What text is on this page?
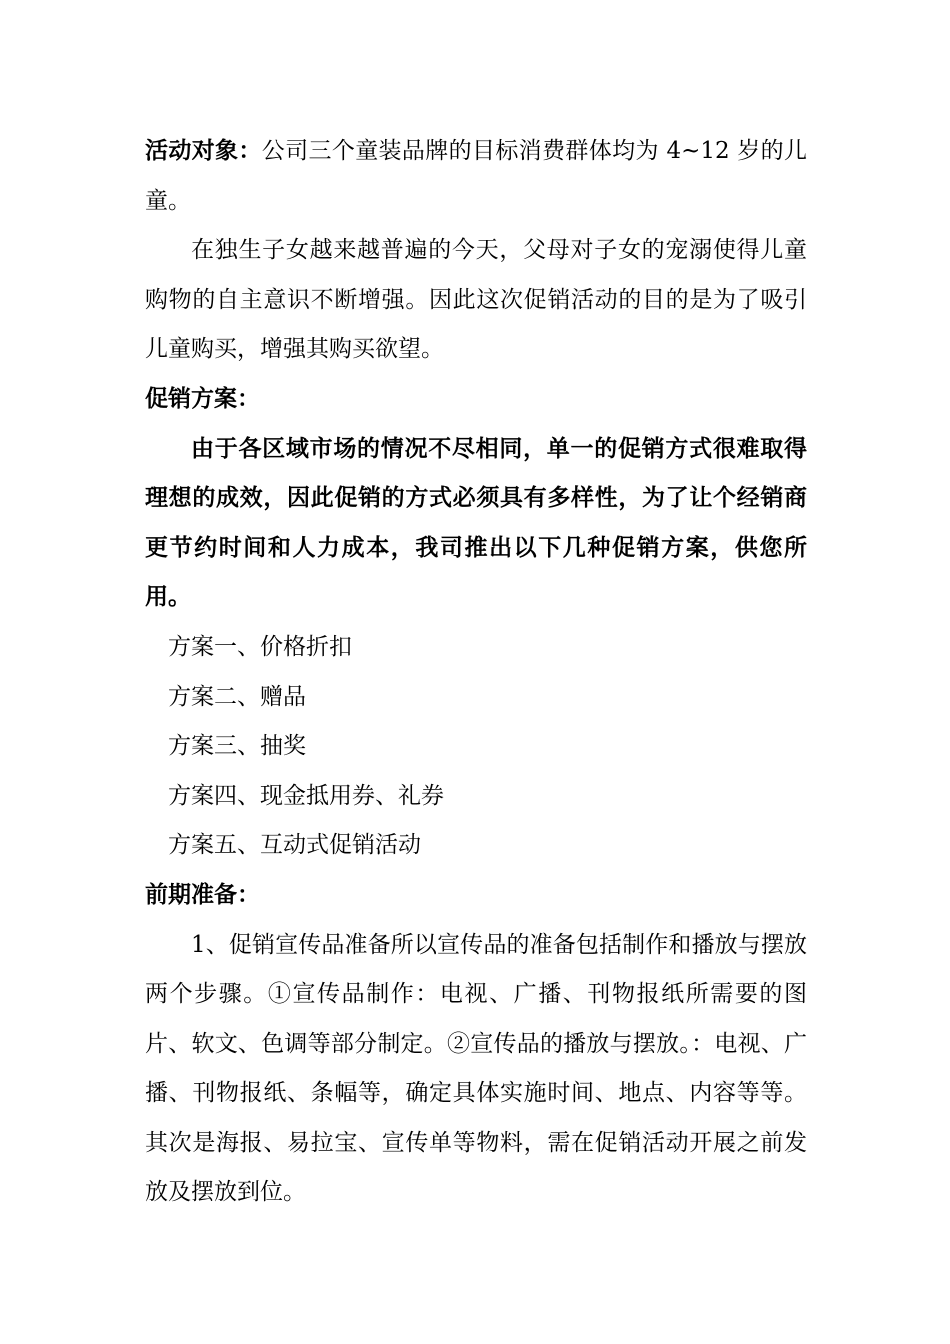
活动对象：公司三个童装品牌的目标消费群体均为 4~12 岁的儿童。

在独生子女越来越普遍的今天，父母对子女的宠溺使得儿童购物的自主意识不断增强。因此这次促销活动的目的是为了吸引儿童购买，增强其购买欲望。

促销方案：

由于各区域市场的情况不尽相同，单一的促销方式很难取得理想的成效，因此促销的方式必须具有多样性，为了让个经销商更节约时间和人力成本，我司推出以下几种促销方案，供您所用。

方案一、价格折扣

方案二、赠品

方案三、抽奖

方案四、现金抵用券、礼券

方案五、互动式促销活动

前期准备：

1、促销宣传品准备所以宣传品的准备包括制作和播放与摆放两个步骤。①宣传品制作：电视、广播、刊物报纸所需要的图片、软文、色调等部分制定。②宣传品的播放与摆放。：电视、广播、刊物报纸、条幅等，确定具体实施时间、地点、内容等等。其次是海报、易拉宝、宣传单等物料，需在促销活动开展之前发放及摆放到位。
